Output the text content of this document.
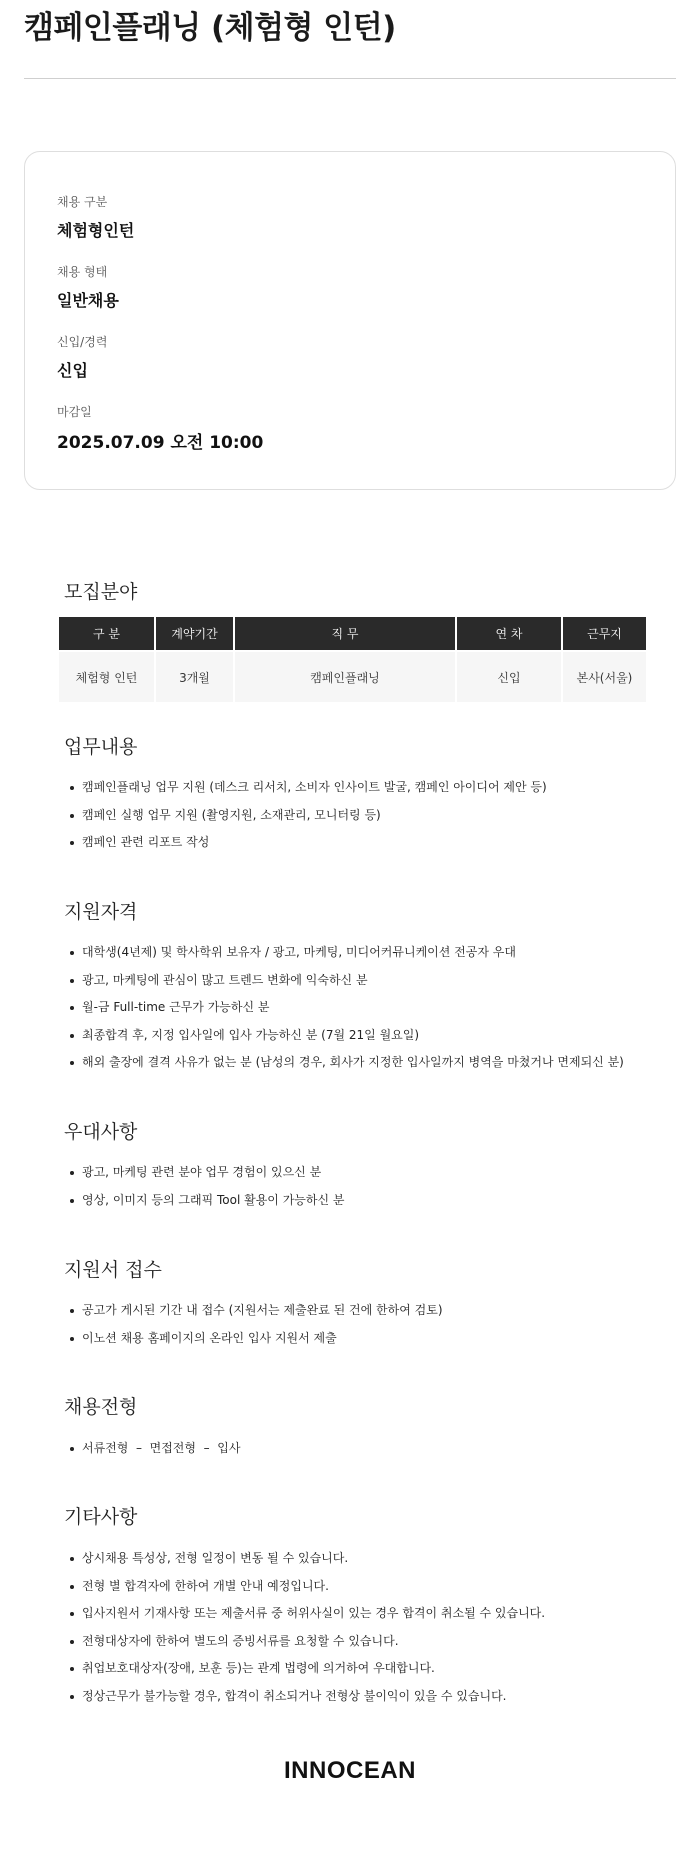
캠페인플래닝 (체험형 인턴)
채용 구분
체험형인턴
채용 형태
일반채용
신입/경력
신입
마감일
2025.07.09 오전 10:00
모집분야
구 분	계약기간	직 무	연 차	근무지
체험형 인턴	3개월	캠페인플래닝	신입	본사(서울)
업무내용
캠페인플래닝 업무 지원 (데스크 리서치, 소비자 인사이트 발굴, 캠페인 아이디어 제안 등)
캠페인 실행 업무 지원 (촬영지원, 소재관리, 모니터링 등)
캠페인 관련 리포트 작성
지원자격
대학생(4년제) 및 학사학위 보유자 / 광고, 마케팅, 미디어커뮤니케이션 전공자 우대
광고, 마케팅에 관심이 많고 트렌드 변화에 익숙하신 분
월-금 Full-time 근무가 가능하신 분
최종합격 후, 지정 입사일에 입사 가능하신 분 (7월 21일 월요일)
해외 출장에 결격 사유가 없는 분 (남성의 경우, 회사가 지정한 입사일까지 병역을 마쳤거나 면제되신 분)
우대사항
광고, 마케팅 관련 분야 업무 경험이 있으신 분
영상, 이미지 등의 그래픽 Tool 활용이 가능하신 분
지원서 접수
공고가 게시된 기간 내 접수 (지원서는 제출완료 된 건에 한하여 검토)
이노션 채용 홈페이지의 온라인 입사 지원서 제출
채용전형
서류전형  –  면접전형  –  입사
기타사항
상시채용 특성상, 전형 일정이 변동 될 수 있습니다.
전형 별 합격자에 한하여 개별 안내 예정입니다.
입사지원서 기재사항 또는 제출서류 중 허위사실이 있는 경우 합격이 취소될 수 있습니다.
전형대상자에 한하여 별도의 증빙서류를 요청할 수 있습니다.
취업보호대상자(장애, 보훈 등)는 관계 법령에 의거하여 우대합니다.
정상근무가 불가능할 경우, 합격이 취소되거나 전형상 불이익이 있을 수 있습니다.
INNOCEAN
